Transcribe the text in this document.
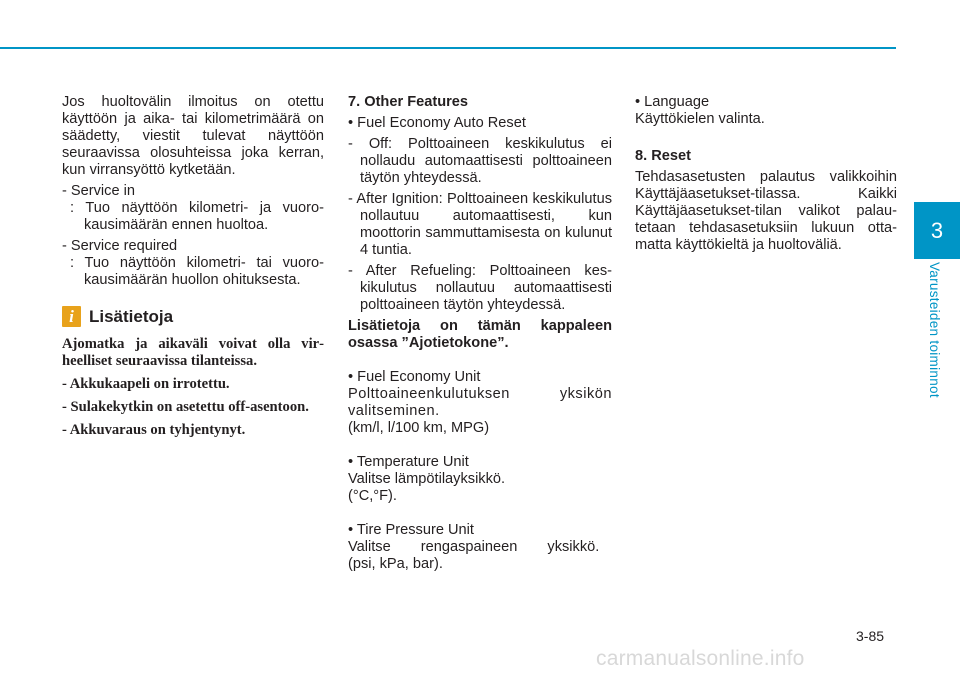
Jos huoltovälin ilmoitus on otettu käyttöön ja aika- tai kilometrimäärä on säädetty, viestit tulevat näyttöön seuraavissa olosuhteissa joka kerran, kun virransyöttö kytketään.

- Service in

: Tuo näyttöön kilometri- ja vuorokausimäärän ennen huoltoa.

- Service required

: Tuo näyttöön kilometri- tai vuorokausimäärän huollon ohituksesta.

i Lisätietoja

Ajomatka ja aikaväli voivat olla virheelliset seuraavissa tilanteissa.

- Akkukaapeli on irrotettu.

- Sulakekytkin on asetettu off-asentoon.

- Akkuvaraus on tyhjentynyt.

7. Other Features

• Fuel Economy Auto Reset

- Off: Polttoaineen keskikulutus ei nollaudu automaattisesti polttoaineen täytön yhteydessä.

- After Ignition: Polttoaineen keskikulutus nollautuu automaattisesti, kun moottorin sammuttamisesta on kulunut 4 tuntia.

- After Refueling: Polttoaineen keskikulutus nollautuu automaattisesti polttoaineen täytön yhteydessä.

Lisätietoja on tämän kappaleen osassa ”Ajotietokone”.

• Fuel Economy Unit

Polttoaineenkulutuksen yksikön valitseminen.

(km/l, l/100 km, MPG)

• Temperature Unit

Valitse lämpötilayksikkö.

(°C,°F).

• Tire Pressure Unit

Valitse rengaspaineen yksikkö.

(psi, kPa, bar).

• Language

Käyttökielen valinta.

8. Reset

Tehdasasetusten palautus valikkoihin Käyttäjäasetukset-tilassa. Kaikki Käyttäjäasetukset-tilan valikot palautetaan tehdasasetuksiin lukuun ottamatta käyttökieltä ja huoltoväliä.

3
Varusteiden toiminnot
3-85
carmanualsonline.info
